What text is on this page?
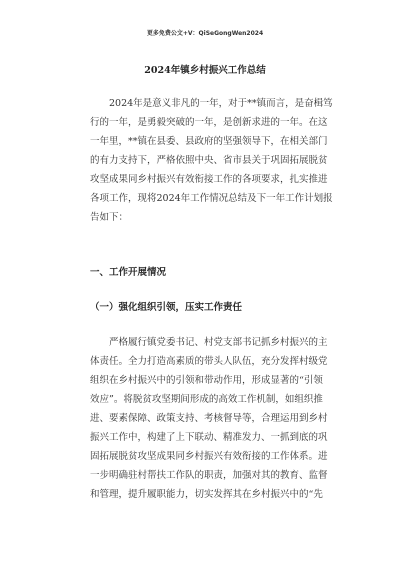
更多免费公文+V：QiSeGongWen2024
2024年镇乡村振兴工作总结
2024年是意义非凡的一年，对于**镇而言，是奋楫笃
行的一年，是勇毅突破的一年，是创新求进的一年。在这
一年里，**镇在县委、县政府的坚强领导下，在相关部门
的有力支持下，严格依照中央、省市县关于巩固拓展脱贫
攻坚成果同乡村振兴有效衔接工作的各项要求，扎实推进
各项工作，现将2024年工作情况总结及下一年工作计划报
告如下：
一、工作开展情况
（一）强化组织引领，压实工作责任
严格履行镇党委书记、村党支部书记抓乡村振兴的主
体责任。全力打造高素质的带头人队伍，充分发挥村级党
组织在乡村振兴中的引领和带动作用，形成显著的“引领
效应”。将脱贫攻坚期间形成的高效工作机制，如组织推
进、要素保障、政策支持、考核督导等，合理运用到乡村
振兴工作中，构建了上下联动、精准发力、一抓到底的巩
固拓展脱贫攻坚成果同乡村振兴有效衔接的工作体系。进
一步明确驻村帮扶工作队的职责，加强对其的教育、监督
和管理，提升履职能力，切实发挥其在乡村振兴中的“先
